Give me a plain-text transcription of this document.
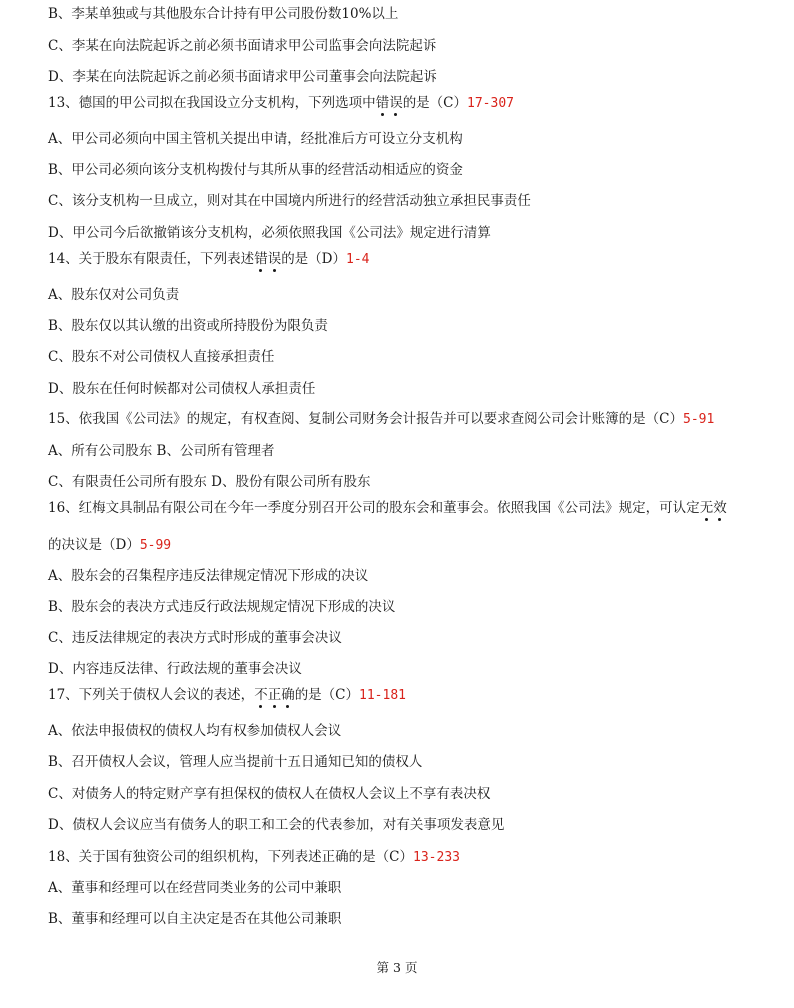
B、李某单独或与其他股东合计持有甲公司股份数10%以上
C、李某在向法院起诉之前必须书面请求甲公司监事会向法院起诉
D、李某在向法院起诉之前必须书面请求甲公司董事会向法院起诉
13、德国的甲公司拟在我国设立分支机构，下列选项中错误的是（C）17-307
A、甲公司必须向中国主管机关提出申请，经批准后方可设立分支机构
B、甲公司必须向该分支机构拨付与其所从事的经营活动相适应的资金
C、该分支机构一旦成立，则对其在中国境内所进行的经营活动独立承担民事责任
D、甲公司今后欲撤销该分支机构，必须依照我国《公司法》规定进行清算
14、关于股东有限责任，下列表述错误的是（D）1-4
A、股东仅对公司负责
B、股东仅以其认缴的出资或所持股份为限负责
C、股东不对公司债权人直接承担责任
D、股东在任何时候都对公司债权人承担责任
15、依我国《公司法》的规定，有权查阅、复制公司财务会计报告并可以要求查阅公司会计账簿的是（C）5-91
A、所有公司股东 B、公司所有管理者
C、有限责任公司所有股东 D、股份有限公司所有股东
16、红梅文具制品有限公司在今年一季度分别召开公司的股东会和董事会。依照我国《公司法》规定，可认定无效
的决议是（D）5-99
A、股东会的召集程序违反法律规定情况下形成的决议
B、股东会的表决方式违反行政法规规定情况下形成的决议
C、违反法律规定的表决方式时形成的董事会决议
D、内容违反法律、行政法规的董事会决议
17、下列关于债权人会议的表述，不正确的是（C）11-181
A、依法申报债权的债权人均有权参加债权人会议
B、召开债权人会议，管理人应当提前十五日通知已知的债权人
C、对债务人的特定财产享有担保权的债权人在债权人会议上不享有表决权
D、债权人会议应当有债务人的职工和工会的代表参加，对有关事项发表意见
18、关于国有独资公司的组织机构，下列表述正确的是（C）13-233
A、董事和经理可以在经营同类业务的公司中兼职
B、董事和经理可以自主决定是否在其他公司兼职
第 3 页
